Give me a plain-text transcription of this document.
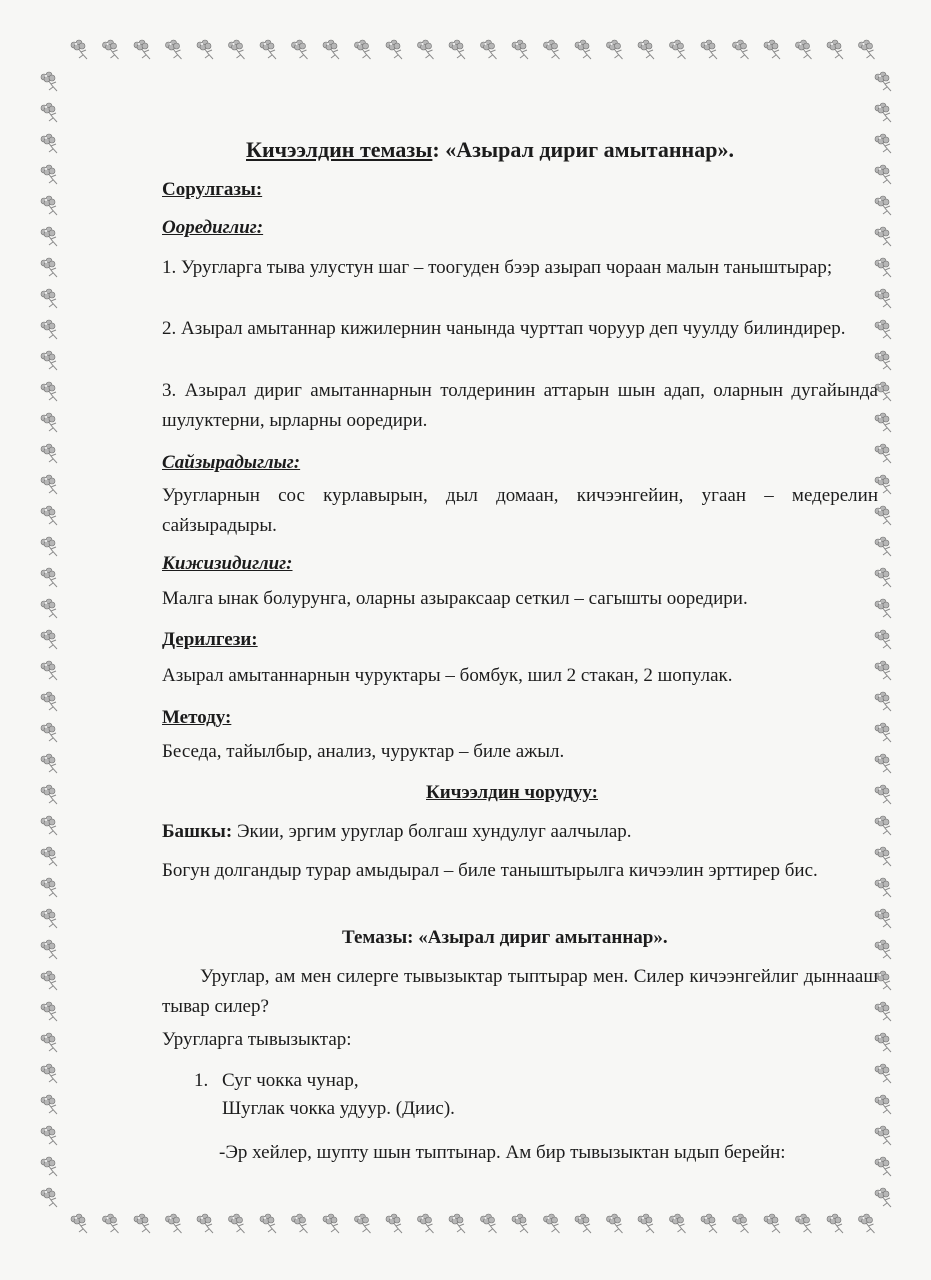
Кичээлдин темазы: «Азырал дириг амытаннар».
Сорулгазы:
Ооредиглиг:
1. Уругларга тыва улустун шаг – тоогуден бээр азырап чораан малын таныштырар;
2. Азырал амытаннар кижилернин чанында чурттап чоруур деп чуулду билиндирер.
3. Азырал дириг амытаннарнын толдеринин аттарын шын адап, оларнын дугайында шулуктерни, ырларны ооредири.
Сайзырадыглыг:
Уругларнын сос курлавырын, дыл домаан, кичээнгейин, угаан – медерелин сайзырадыры.
Кижизидиглиг:
Малга ынак болурунга, оларны азыраксаар сеткил – сагышты ооредири.
Дерилгези:
Азырал амытаннарнын чуруктары – бомбук, шил 2 стакан, 2 шопулак.
Методу:
Беседа, тайылбыр, анализ, чуруктар – биле ажыл.
Кичээлдин чорудуу:
Башкы: Экии, эргим уруглар болгаш хундулуг аалчылар.
Богун долгандыр турар амыдырал – биле таныштырылга кичээлин эрттирер бис.
Темазы: «Азырал дириг амытаннар».
Уруглар, ам мен силерге тывызыктар тыптырар мен. Силер кичээнгейлиг дыннааш тывар силер?
Уругларга тывызыктар:
1. Суг чокка чунар,
Шуглак чокка удуур. (Диис).
-Эр хейлер, шупту шын тыптынар. Ам бир тывызыктан ыдып берейн:
